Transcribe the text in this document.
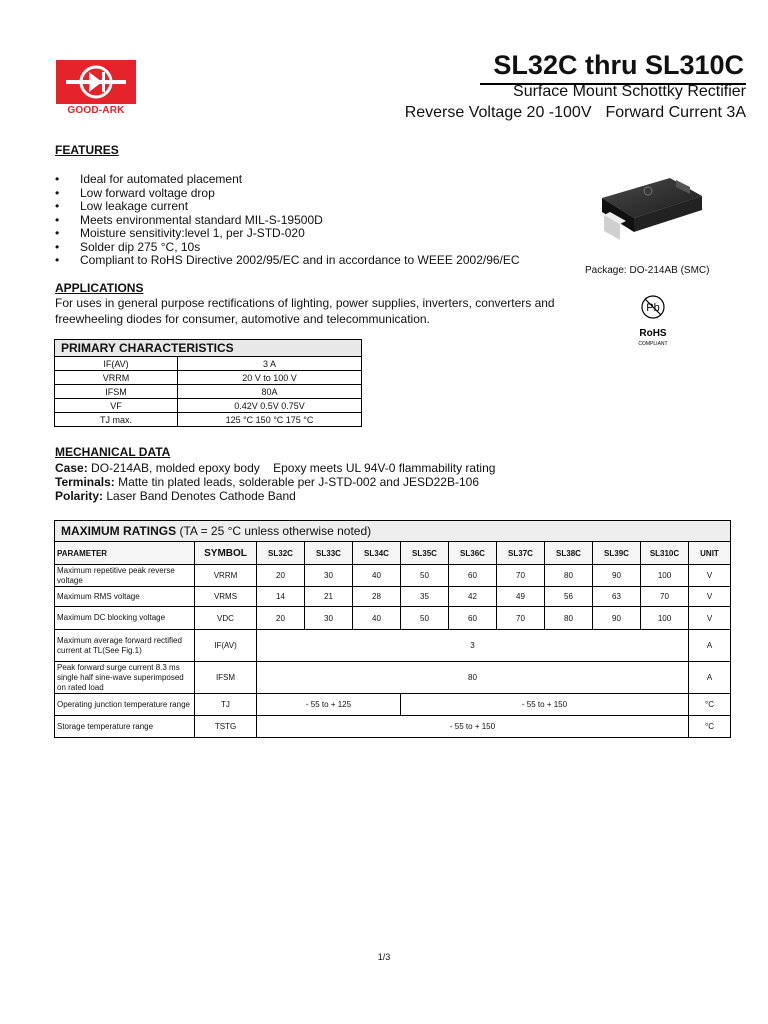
GOOD-ARK
SL32C thru SL310C
Surface Mount Schottky Rectifier
Reverse Voltage 20 -100V Forward Current 3A
FEATURES
•	Ideal for automated placement
•	Low forward voltage drop
•	Low leakage current
•	Meets environmental standard MIL-S-19500D
•	Moisture sensitivity:level 1, per J-STD-020
•	Solder dip 275 °C, 10s
•	Compliant to RoHS Directive 2002/95/EC and in accordance to WEEE 2002/96/EC
Package: DO-214AB (SMC)
APPLICATIONS
For uses in general purpose rectifications of lighting, power supplies, inverters, converters and freewheeling diodes for consumer, automotive and telecommunication.
Pb
RoHS
COMPLIANT
PRIMARY CHARACTERISTICS	
IF(AV)	3 A
VRRM	20 V to 100 V
IFSM	80A
VF	0.42V 0.5V 0.75V
TJ max.	125 °C 150 °C 175 °C
MECHANICAL DATA
Case: DO-214AB, molded epoxy body    Epoxy meets UL 94V-0 flammability rating
Terminals: Matte tin plated leads, solderable per J-STD-002 and JESD22B-106
Polarity: Laser Band Denotes Cathode Band
MAXIMUM RATINGS (TA = 25 °C unless otherwise noted)											
PARAMETER	SYMBOL	SL32C	SL33C	SL34C	SL35C	SL36C	SL37C	SL38C	SL39C	SL310C	UNIT
Maximum repetitive peak reverse voltage	VRRM	20	30	40	50	60	70	80	90	100	V
Maximum RMS voltage	VRMS	14	21	28	35	42	49	56	63	70	V
Maximum DC blocking voltage	VDC	20	30	40	50	60	70	80	90	100	V
Maximum average forward rectified current at TL(See Fig.1)	IF(AV)	3									A
Peak forward surge current 8.3 ms single half sine-wave superimposed on rated load	IFSM	80									A
Operating junction temperature range	TJ	- 55 to + 125			- 55 to + 150						°C
Storage temperature range	TSTG	- 55 to + 150									°C
1/3
